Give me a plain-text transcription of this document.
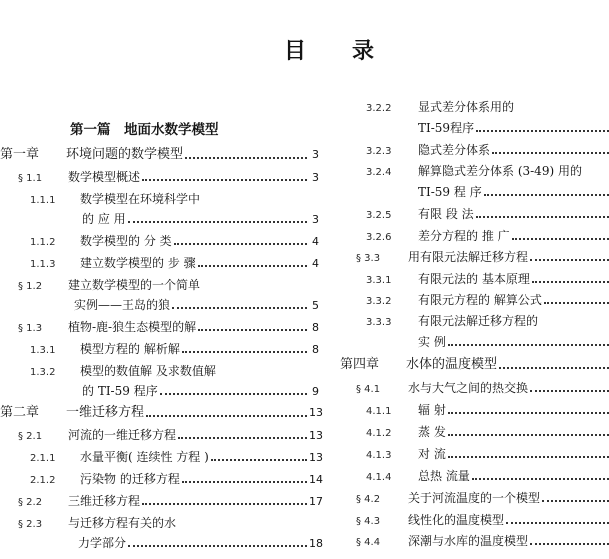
目录
第一篇　地面水数学模型
第一章	环境问题的数学模型	3
§ 1.1	数学模型概述	3
1.1.1	数学模型在环境科学中
的 应 用	3
1.1.2	数学模型的 分 类	4
1.1.3	建立数学模型的 步 骤	4
§ 1.2	建立数学模型的一个简单
实例——王岛的狼	5
§ 1.3	植物-鹿-狼生态模型的解	8
1.3.1	模型方程的 解析解	8
1.3.2	模型的数值解 及求数值解
的 TI-59 程序	9
第二章	一维迁移方程	13
§ 2.1	河流的一维迁移方程	13
2.1.1	水量平衡( 连续性 方程 )	13
2.1.2	污染物 的迁移方程	14
§ 2.2	三维迁移方程	17
§ 2.3	与迁移方程有关的水
力学部分	18
3.2.2	显式差分体系用的
TI-59程序
3.2.3	隐式差分体系
3.2.4	解算隐式差分体系 (3-49) 用的
TI-59 程 序
3.2.5	有限 段 法
3.2.6	差分方程的 推 广
§ 3.3	用有限元法解迁移方程
3.3.1	有限元法的 基本原理
3.3.2	有限元方程的 解算公式
3.3.3	有限元法解迁移方程的
实 例
第四章	水体的温度模型
§ 4.1	水与大气之间的热交换
4.1.1	辐 射
4.1.2	蒸 发
4.1.3	对 流
4.1.4	总热 流量
§ 4.2	关于河流温度的一个模型
§ 4.3	线性化的温度模型
§ 4.4	深潮与水库的温度模型
